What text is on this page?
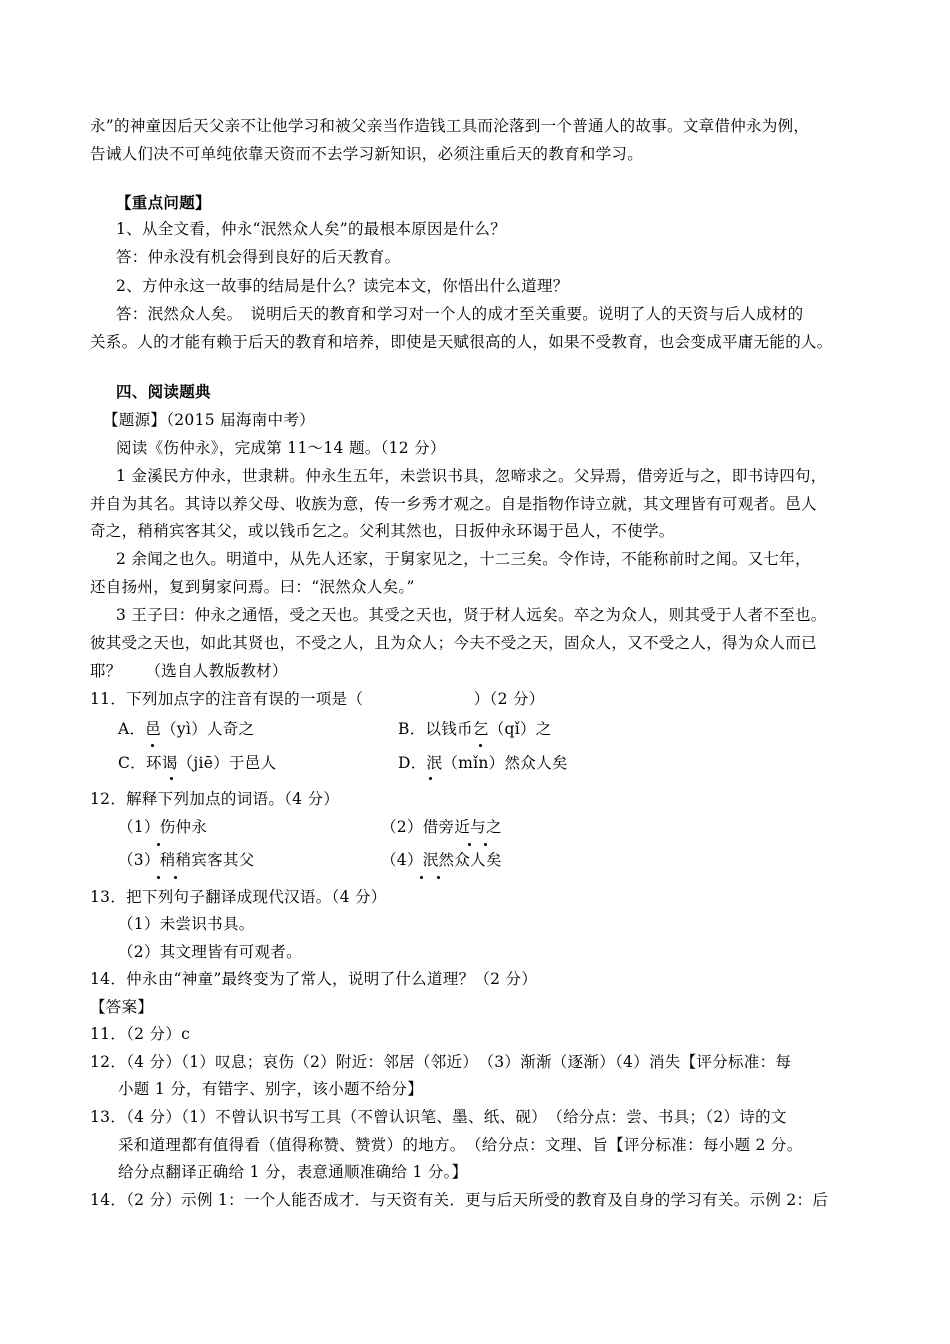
永”的神童因后天父亲不让他学习和被父亲当作造钱工具而沦落到一个普通人的故事。文章借仲永为例，
告诫人们决不可单纯依靠天资而不去学习新知识，必须注重后天的教育和学习。
【重点问题】
1、从全文看，仲永“泯然众人矣”的最根本原因是什么？
答：仲永没有机会得到良好的后天教育。
2、方仲永这一故事的结局是什么？读完本文，你悟出什么道理？
答：泯然众人矣。　说明后天的教育和学习对一个人的成才至关重要。说明了人的天资与后人成材的
关系。人的才能有赖于后天的教育和培养，即使是天赋很高的人，如果不受教育，也会变成平庸无能的人。
四、阅读题典
【题源】（2015 届海南中考）
阅读《伤仲永》，完成第 11～14 题。（12 分）
1 金溪民方仲永，世隶耕。仲永生五年，未尝识书具，忽啼求之。父异焉，借旁近与之，即书诗四句，
并自为其名。其诗以养父母、收族为意，传一乡秀才观之。自是指物作诗立就，其文理皆有可观者。邑人
奇之，稍稍宾客其父，或以钱币乞之。父利其然也，日扳仲永环谒于邑人，不使学。
2 余闻之也久。明道中，从先人还家，于舅家见之，十二三矣。令作诗，不能称前时之闻。又七年，
还自扬州，复到舅家问焉。曰：“泯然众人矣。”
3 王子曰：仲永之通悟，受之天也。其受之天也，贤于材人远矣。卒之为众人，则其受于人者不至也。
彼其受之天也，如此其贤也，不受之人，且为众人；今夫不受之天，固众人，又不受之人，得为众人而已
耶？　　（选自人教版教材）
11．下列加点字的注音有误的一项是（　　　　　　　）（2 分）
A．邑（yì）人奇之	B．以钱币乞（qǐ）之
C．环谒（jiē）于邑人	D．泯（mǐn）然众人矣
12．解释下列加点的词语。（4 分）
（1）伤仲永	（2）借旁近与之
（3）稍稍宾客其父	（4）泯然众人矣
13．把下列句子翻译成现代汉语。（4 分）
（1）未尝识书具。
（2）其文理皆有可观者。
14．仲永由“神童”最终变为了常人，说明了什么道理？（2 分）
【答案】
11．（2 分）c
12．（4 分）（1）叹息；哀伤（2）附近：邻居（邻近）　（3）渐渐（逐渐）（4）消失【评分标准：每
小题 1 分，有错字、别字，该小题不给分】
13．（4 分）（1）不曾认识书写工具（不曾认识笔、墨、纸、砚）　（给分点：尝、书具；（2）诗的文
采和道理都有值得看（值得称赞、赞赏）的地方。　（给分点：文理、旨【评分标准：每小题 2 分。
给分点翻译正确给 1 分，表意通顺准确给 1 分。】
14．（2 分）示例 1：一个人能否成才．与天资有关．更与后天所受的教育及自身的学习有关。示例 2：后
